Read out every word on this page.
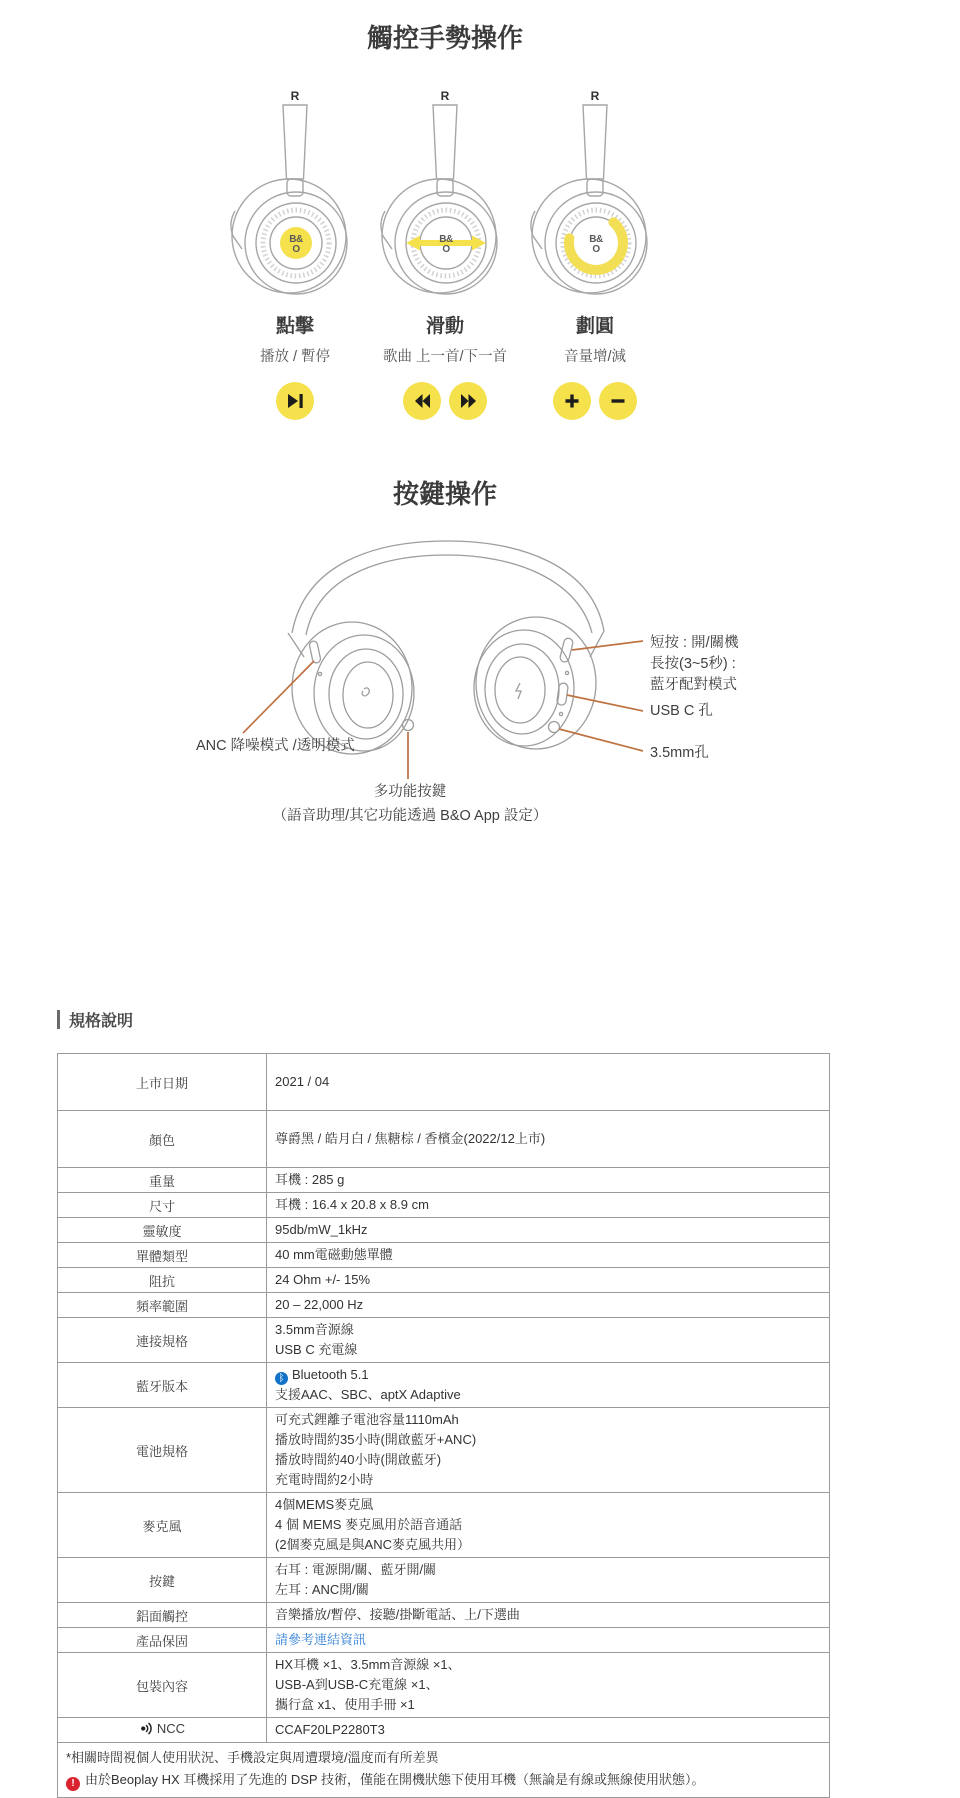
觸控手勢操作
R
B&
O
點擊
播放 / 暫停
R
B&
O
滑動
歌曲 上一首/下一首
R
B&
O
劃圓
音量增/減
按鍵操作
短按 : 開/關機
長按(3~5秒) :
藍牙配對模式
USB C 孔
3.5mm孔
ANC 降噪模式 /透明模式
多功能按鍵
（語音助理/其它功能透過 B&O App 設定）
規格說明
上市日期	2021 / 04

顏色	尊爵黑 / 皓月白 / 焦糖棕 / 香檳金(2022/12上市)

重量	耳機 : 285 g

尺寸	耳機 : 16.4 x 20.8 x 8.9 cm

靈敏度	95db/mW_1kHz

單體類型	40 mm電磁動態單體

阻抗	24 Ohm +/- 15%

頻率範圍	20 – 22,000 Hz

連接規格	3.5mm音源線
USB C 充電線

藍牙版本	ᛒ Bluetooth 5.1
支援AAC、SBC、aptX Adaptive

電池規格	可充式鋰離子電池容量1110mAh
播放時間約35小時(開啟藍牙+ANC)
播放時間約40小時(開啟藍牙)
充電時間約2小時

麥克風	4個MEMS麥克風
4 個 MEMS 麥克風用於語音通話
(2個麥克風是與ANC麥克風共用）

按鍵	右耳 : 電源開/關、藍牙開/關
左耳 : ANC開/關

鋁面觸控	音樂播放/暫停、接聽/掛斷電話、上/下選曲

產品保固	請參考連結資訊

包裝內容	HX耳機 ×1、3.5mm音源線 ×1、
USB-A到USB-C充電線 ×1、
攜行盒 x1、使用手冊 ×1

NCC	CCAF20LP2280T3

*相關時間視個人使用狀況、手機設定與周遭環境/溫度而有所差異
! 由於Beoplay HX 耳機採用了先進的 DSP 技術，僅能在開機狀態下使用耳機（無論是有線或無線使用狀態）。	
